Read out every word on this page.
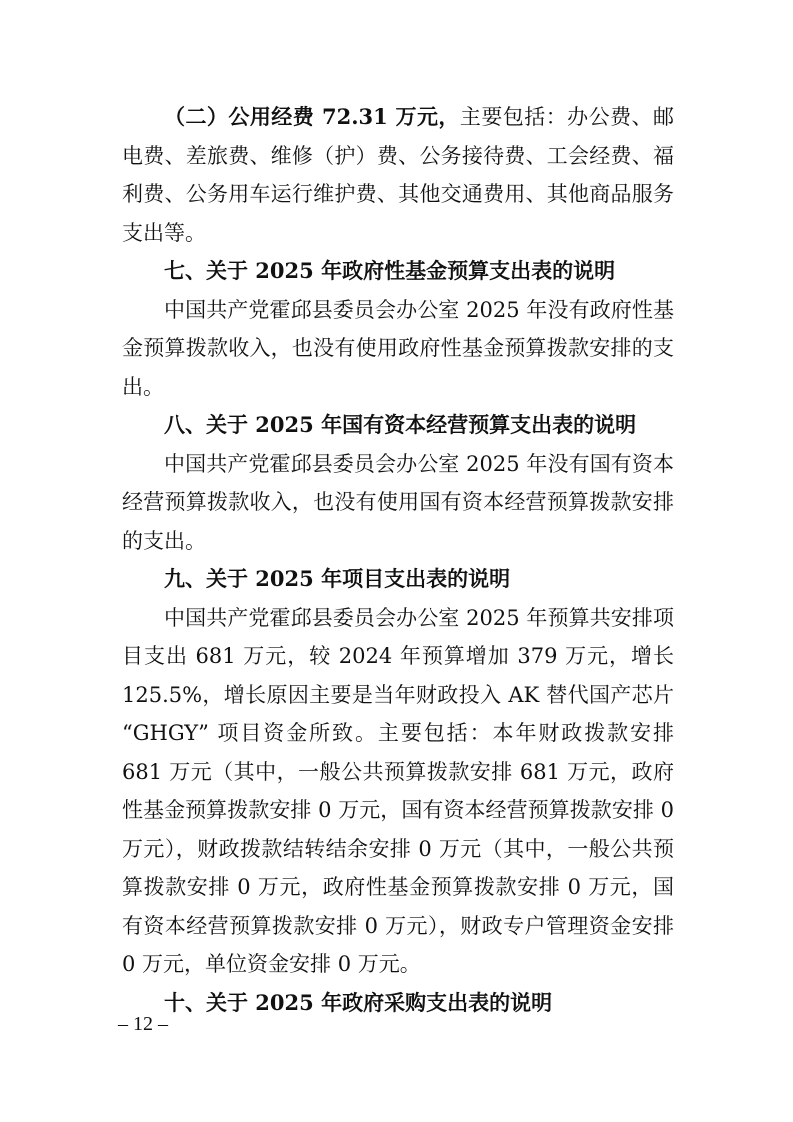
（二）公用经费 72.31 万元，主要包括：办公费、邮电费、差旅费、维修（护）费、公务接待费、工会经费、福利费、公务用车运行维护费、其他交通费用、其他商品服务支出等。

七、关于 2025 年政府性基金预算支出表的说明

中国共产党霍邱县委员会办公室 2025 年没有政府性基金预算拨款收入，也没有使用政府性基金预算拨款安排的支出。

八、关于 2025 年国有资本经营预算支出表的说明

中国共产党霍邱县委员会办公室 2025 年没有国有资本经营预算拨款收入，也没有使用国有资本经营预算拨款安排的支出。

九、关于 2025 年项目支出表的说明

中国共产党霍邱县委员会办公室 2025 年预算共安排项目支出 681 万元，较 2024 年预算增加 379 万元，增长 125.5%，增长原因主要是当年财政投入 AK 替代国产芯片 “GHGY” 项目资金所致。主要包括：本年财政拨款安排 681 万元（其中，一般公共预算拨款安排 681 万元，政府性基金预算拨款安排 0 万元，国有资本经营预算拨款安排 0 万元），财政拨款结转结余安排 0 万元（其中，一般公共预算拨款安排 0 万元，政府性基金预算拨款安排 0 万元，国有资本经营预算拨款安排 0 万元），财政专户管理资金安排 0 万元，单位资金安排 0 万元。

十、关于 2025 年政府采购支出表的说明

– 12 –
